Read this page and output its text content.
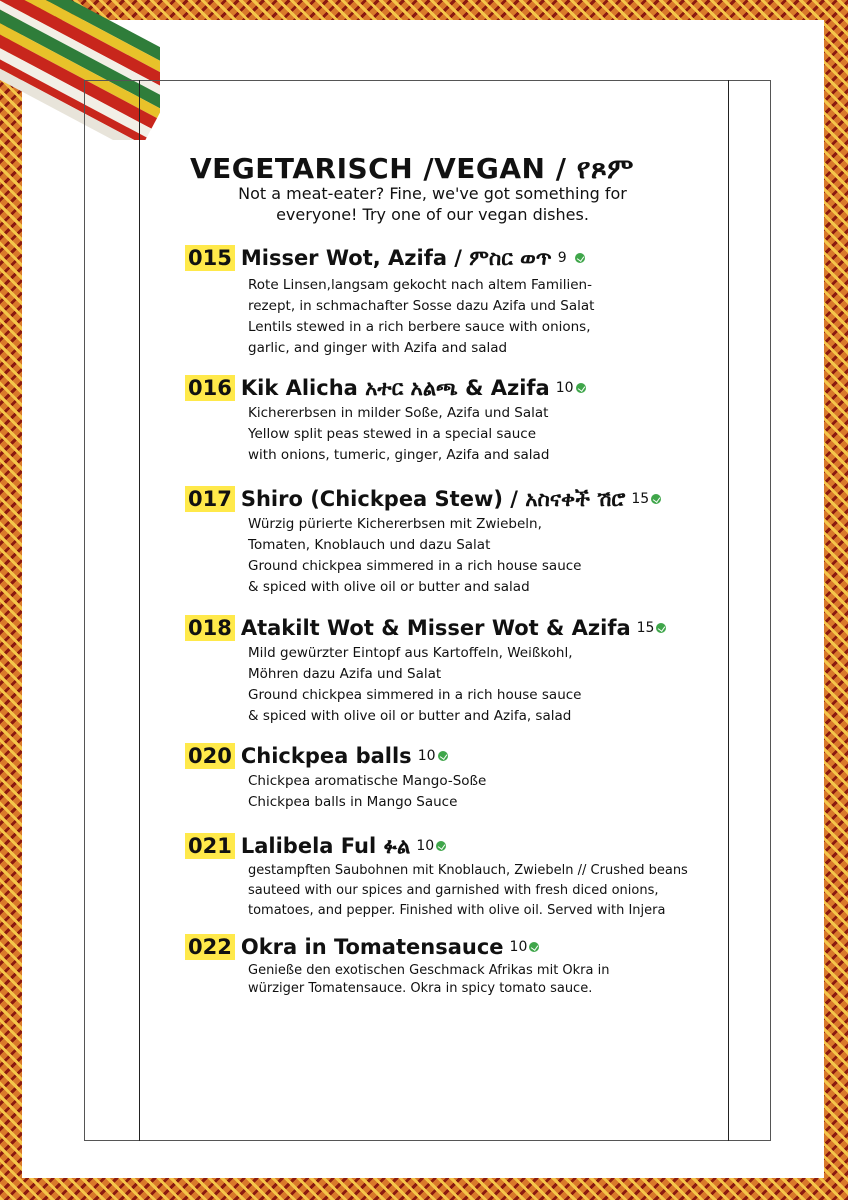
VEGETARISCH /VEGAN / የጾም
Not a meat-eater? Fine, we've got something for everyone! Try one of our vegan dishes.
015 Misser Wot, Azifa / ምስር ወጥ 9
Rote Linsen,langsam gekocht nach altem Familien-
rezept, in schmachafter Sosse dazu Azifa und Salat
Lentils stewed in a rich berbere sauce with onions,
garlic, and ginger with Azifa and salad
016 Kik Alicha አተር አልጫ & Azifa 10
Kichererbsen in milder Soße, Azifa und Salat
Yellow split peas stewed in a special sauce
with onions, tumeric, ginger, Azifa and salad
017 Shiro (Chickpea Stew) / አስናቀች ሽሮ 15
Würzig pürierte Kichererbsen mit Zwiebeln,
Tomaten, Knoblauch und dazu Salat
Ground chickpea simmered in a rich house sauce
& spiced with olive oil or butter and salad
018 Atakilt Wot & Misser Wot & Azifa 15
Mild gewürzter Eintopf aus Kartoffeln, Weißkohl,
Möhren dazu Azifa und Salat
Ground chickpea simmered in a rich house sauce
& spiced with olive oil or butter and Azifa, salad
020 Chickpea balls 10
Chickpea aromatische Mango-Soße
Chickpea balls in Mango Sauce
021 Lalibela Ful ፉል 10
gestampften Saubohnen mit Knoblauch, Zwiebeln // Crushed beans
sauteed with our spices and garnished with fresh diced onions,
tomatoes, and pepper. Finished with olive oil. Served with Injera
022 Okra in Tomatensauce 10
Genieße den exotischen Geschmack Afrikas mit Okra in
würziger Tomatensauce. Okra in spicy tomato sauce.
